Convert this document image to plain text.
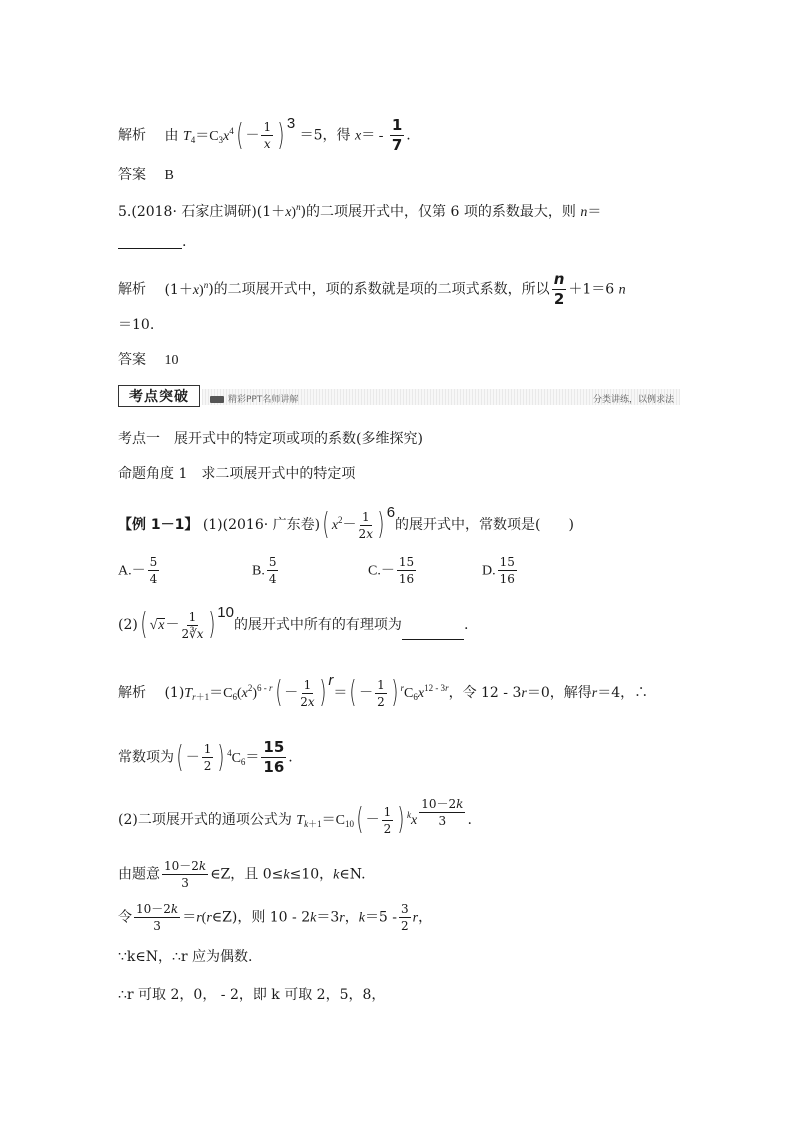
解析 由 $T_4=C_3x^4( - \frac{1}{x}$ ) 3 ＝5，得 $x= - \frac{1}{7}$ .
答案 B
5.(2018· 石家庄调研)$(1+x)^n$)的二项展开式中，仅第 6 项的系数最大，则 n＝
.
解析 $(1+x)^n$)的二项展开式中，项的系数就是项的二项式系数，所以 $\frac{n}{2} +1=6$ n
＝10.
答案 10
考点突破	精彩PPT名师讲解	分类讲练，以例求法
考点一　展开式中的特定项或项的系数(多维探究)
命题角度 1　求二项展开式中的特定项
【例 1－1】 (1)(2016· 广东卷)( $x^2- \frac{1}{2x}$ ) 6的展开式中，常数项是(　　)
$A.- \frac{5}{4}$	B. $\frac{5}{4}$	$C.- \frac{15}{16}$	D. $\frac{15}{16}$
(2)( $√x- \frac{1}{2∛x}$ ) 10的展开式中所有的有理项为	.
解析 $(1)T_{r+1}=C_6(x^2)^{6 - r}( - \frac{1}{2x}$ ) $r=( - \frac{1}{2}$ ) $^rC_6x^{12 - 3r}$，令 12 - 3r＝0，解得r＝4，∴
常数项为( － $\frac{1}{2}$ ) $^4C_6= \frac{15}{16}$ .
(2)二项展开式的通项公式为 $T_{k+1}=C_{10}( - \frac{1}{2}$ ) $^kx \frac{10-2k}{3}$ .
由题意 $\frac{10-2k}{3}$ ∈Z，且 0≤k≤10，k∈N.
令 $\frac{10-2k}{3}$ ＝r(r∈Z)，则 10 - 2k＝3r，$k=5 - \frac{3}{2}$ r，
∵k∈N，∴r 应为偶数.
∴r 可取 2，0， - 2，即 k 可取 2，5，8，
